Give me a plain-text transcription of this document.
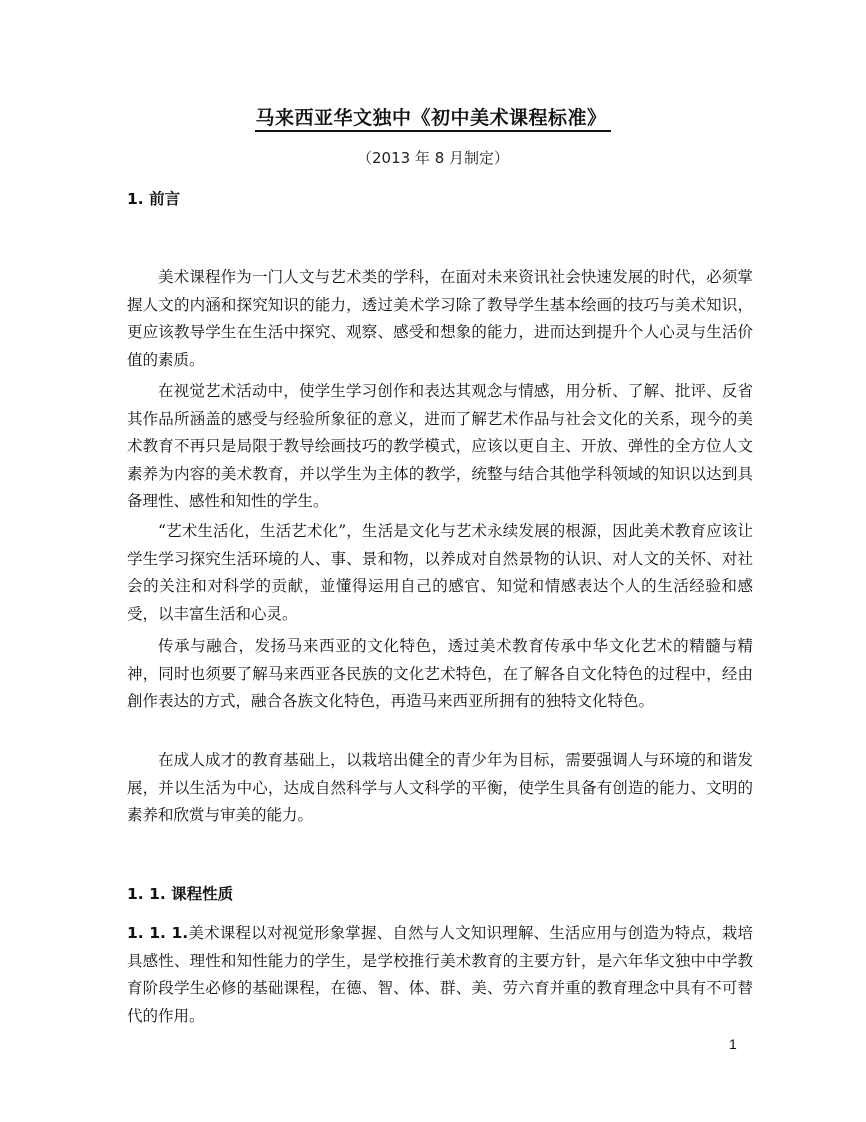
马来西亚华文独中《初中美术课程标准》
（2013 年 8 月制定）
1. 前言

美术课程作为一门人文与艺术类的学科，在面对未来资讯社会快速发展的时代，必须掌握人文的内涵和探究知识的能力，透过美术学习除了教导学生基本绘画的技巧与美术知识，更应该教导学生在生活中探究、观察、感受和想象的能力，进而达到提升个人心灵与生活价值的素质。

在视觉艺术活动中，使学生学习创作和表达其观念与情感，用分析、了解、批评、反省其作品所涵盖的感受与经验所象征的意义，进而了解艺术作品与社会文化的关系，现今的美术教育不再只是局限于教导绘画技巧的教学模式，应该以更自主、开放、弹性的全方位人文素养为内容的美术教育，并以学生为主体的教学，统整与结合其他学科领域的知识以达到具备理性、感性和知性的学生。

“艺术生活化，生活艺术化”，生活是文化与艺术永续发展的根源，因此美术教育应该让学生学习探究生活环境的人、事、景和物，以养成对自然景物的认识、对人文的关怀、对社会的关注和对科学的贡献，並懂得运用自己的感官、知觉和情感表达个人的生活经验和感受，以丰富生活和心灵。

传承与融合，发扬马来西亚的文化特色，透过美术教育传承中华文化艺术的精髓与精神，同时也须要了解马来西亚各民族的文化艺术特色，在了解各自文化特色的过程中，经由創作表达的方式，融合各族文化特色，再造马来西亚所拥有的独特文化特色。

在成人成才的教育基础上，以栽培出健全的青少年为目标，需要强调人与环境的和谐发展，并以生活为中心，达成自然科学与人文科学的平衡，使学生具备有创造的能力、文明的素养和欣赏与审美的能力。

1. 1. 课程性质

1. 1. 1.美术课程以对视觉形象掌握、自然与人文知识理解、生活应用与创造为特点，栽培具感性、理性和知性能力的学生，是学校推行美术教育的主要方针，是六年华文独中中学教育阶段学生必修的基础课程，在德、智、体、群、美、劳六育并重的教育理念中具有不可替代的作用。

1
